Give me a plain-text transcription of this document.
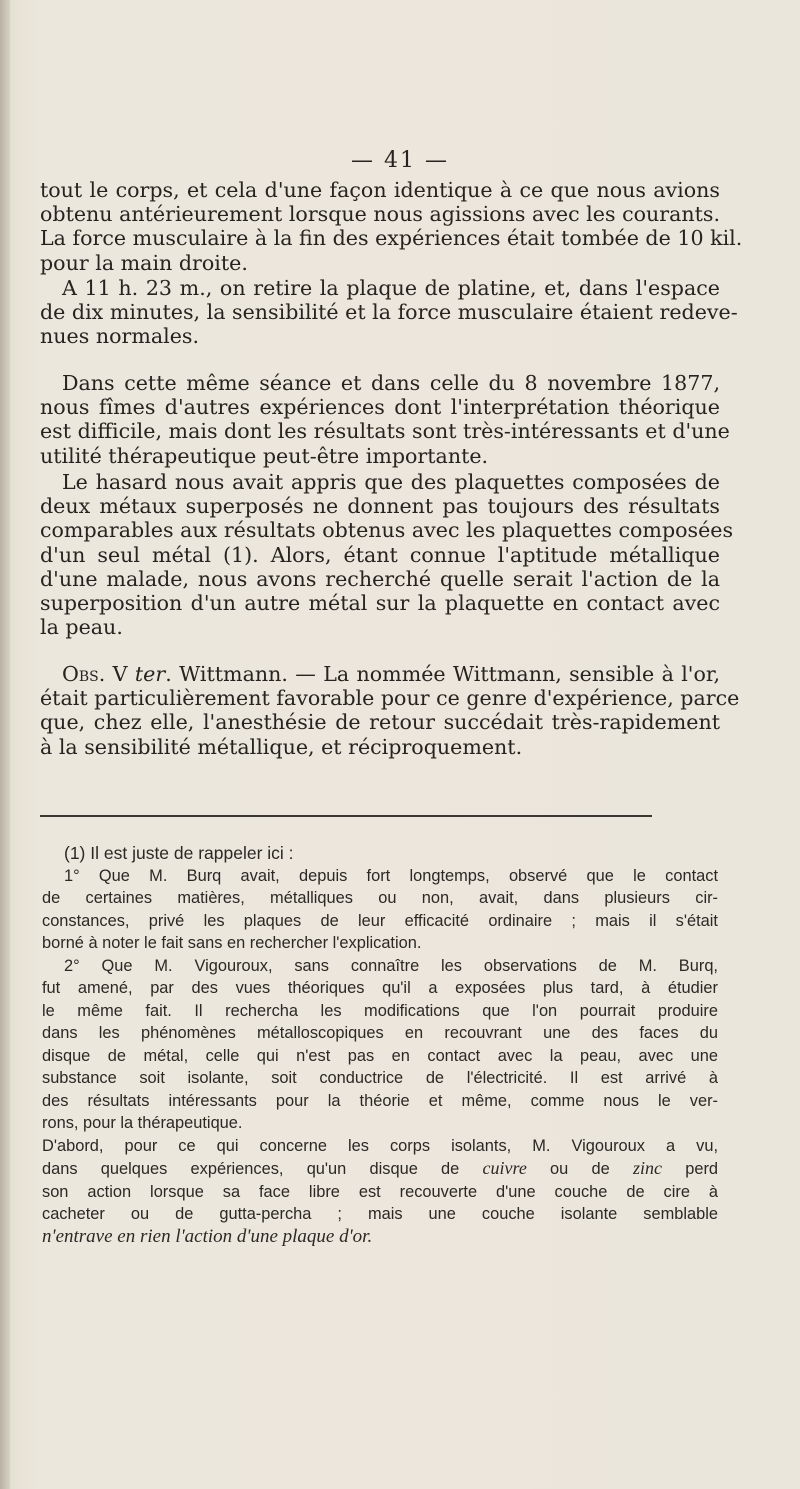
— 41 —

tout le corps, et cela d'une façon identique à ce que nous avions
obtenu antérieurement lorsque nous agissions avec les courants.
La force musculaire à la fin des expériences était tombée de 10 kil.
pour la main droite.

A 11 h. 23 m., on retire la plaque de platine, et, dans l'espace
de dix minutes, la sensibilité et la force musculaire étaient redeve-
nues normales.

Dans cette même séance et dans celle du 8 novembre 1877,
nous fîmes d'autres expériences dont l'interprétation théorique
est difficile, mais dont les résultats sont très-intéressants et d'une
utilité thérapeutique peut-être importante.

Le hasard nous avait appris que des plaquettes composées de
deux métaux superposés ne donnent pas toujours des résultats
comparables aux résultats obtenus avec les plaquettes composées
d'un seul métal (1). Alors, étant connue l'aptitude métallique
d'une malade, nous avons recherché quelle serait l'action de la
superposition d'un autre métal sur la plaquette en contact avec
la peau.

Obs. V ter. Wittmann. — La nommée Wittmann, sensible à l'or,
était particulièrement favorable pour ce genre d'expérience, parce
que, chez elle, l'anesthésie de retour succédait très-rapidement
à la sensibilité métallique, et réciproquement.

(1) Il est juste de rappeler ici :
1° Que M. Burq avait, depuis fort longtemps, observé que le contact
de certaines matières, métalliques ou non, avait, dans plusieurs cir-
constances, privé les plaques de leur efficacité ordinaire ; mais il s'était
borné à noter le fait sans en rechercher l'explication.
2° Que M. Vigouroux, sans connaître les observations de M. Burq,
fut amené, par des vues théoriques qu'il a exposées plus tard, à étudier
le même fait. Il rechercha les modifications que l'on pourrait produire
dans les phénomènes métalloscopiques en recouvrant une des faces du
disque de métal, celle qui n'est pas en contact avec la peau, avec une
substance soit isolante, soit conductrice de l'électricité. Il est arrivé à
des résultats intéressants pour la théorie et même, comme nous le ver-
rons, pour la thérapeutique.
D'abord, pour ce qui concerne les corps isolants, M. Vigouroux a vu,
dans quelques expériences, qu'un disque de cuivre ou de zinc perd
son action lorsque sa face libre est recouverte d'une couche de cire à
cacheter ou de gutta-percha ; mais une couche isolante semblable
n'entrave en rien l'action d'une plaque d'or.
